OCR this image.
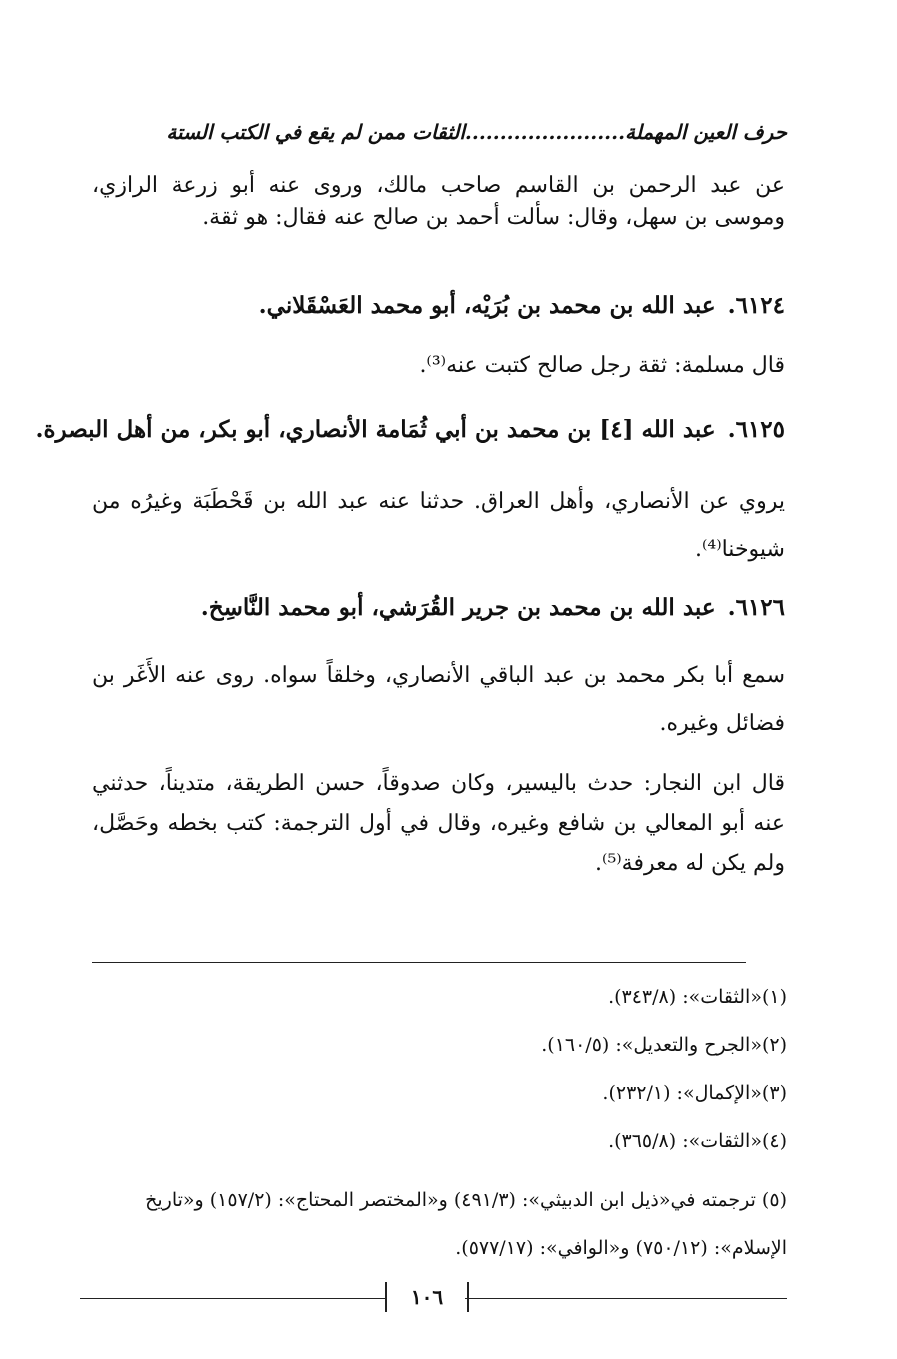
حرف العين المهملة.......................الثقات ممن لم يقع في الكتب الستة

عن عبد الرحمن بن القاسم صاحب مالك، وروى عنه أبو زرعة الرازي، وموسى بن سهل، وقال: سألت أحمد بن صالح عنه فقال: هو ثقة.

٦١٢٤.عبد الله بن محمد بن بُرَيْه، أبو محمد العَسْقَلاني.

قال مسلمة: ثقة رجل صالح كتبت عنه⁽³⁾.

٦١٢٥.عبد الله [٤] بن محمد بن أبي ثُمَامة الأنصاري، أبو بكر، من أهل البصرة.

يروي عن الأنصاري، وأهل العراق. حدثنا عنه عبد الله بن قَحْطَبَة وغيرُه من شيوخنا⁽⁴⁾.

٦١٢٦.عبد الله بن محمد بن جرير القُرَشي، أبو محمد النَّاسِخ.

سمع أبا بكر محمد بن عبد الباقي الأنصاري، وخلقاً سواه. روى عنه الأَغَر بن فضائل وغيره.

قال ابن النجار: حدث باليسير، وكان صدوقاً، حسن الطريقة، متديناً، حدثني عنه أبو المعالي بن شافع وغيره، وقال في أول الترجمة: كتب بخطه وحَصَّل، ولم يكن له معرفة⁽⁵⁾.

(١)«الثقات»: (٣٤٣/٨).
(٢)«الجرح والتعديل»: (١٦٠/٥).
(٣)«الإكمال»: (٢٣٢/١).
(٤)«الثقات»: (٣٦٥/٨).
(٥) ترجمته في«ذيل ابن الدبيثي»: (٤٩١/٣) و«المختصر المحتاج»: (١٥٧/٢) و«تاريخ الإسلام»: (٧٥٠/١٢) و«الوافي»: (٥٧٧/١٧).
١٠٦
